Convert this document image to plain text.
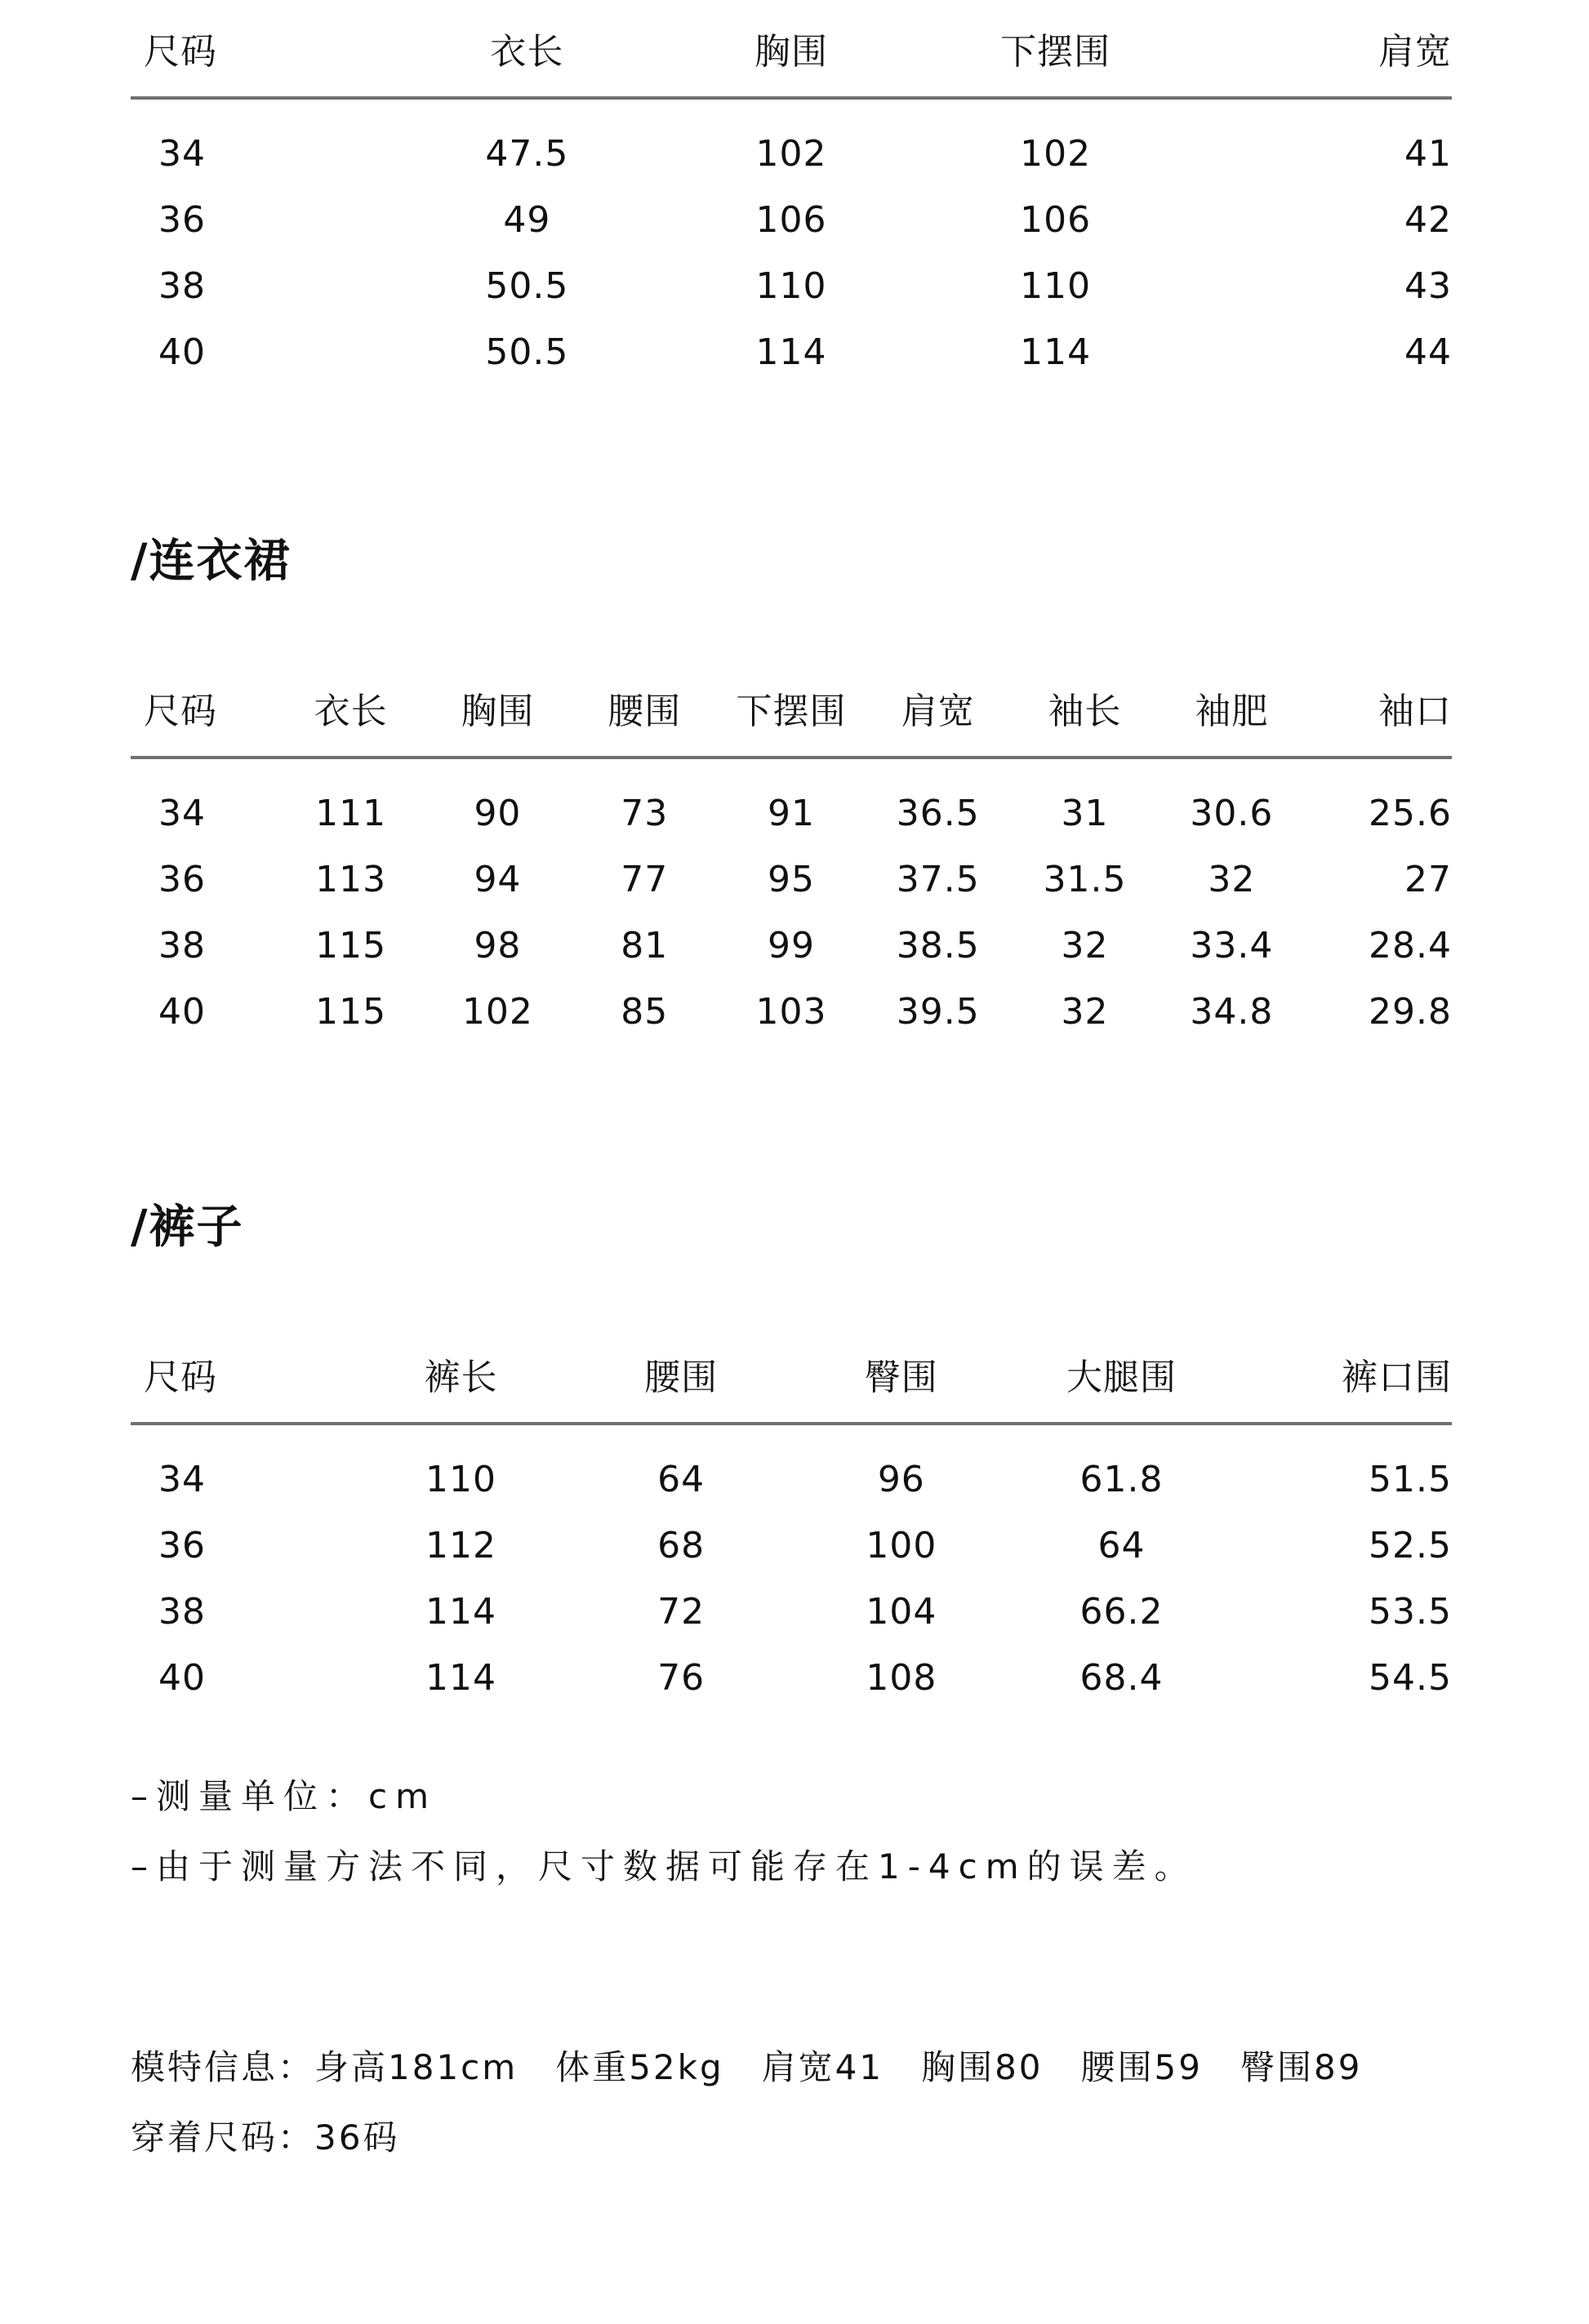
尺码	衣长	胸围	下摆围	肩宽
34	47.5	102	102	41
36	49	106	106	42
38	50.5	110	110	43
40	50.5	114	114	44
/连衣裙
尺码	衣长	胸围	腰围	下摆围	肩宽	袖长	袖肥	袖口
34	111	90	73	91	36.5	31	30.6	25.6
36	113	94	77	95	37.5	31.5	32	27
38	115	98	81	99	38.5	32	33.4	28.4
40	115	102	85	103	39.5	32	34.8	29.8
/裤子
尺码	裤长	腰围	臀围	大腿围	裤口围
34	110	64	96	61.8	51.5
36	112	68	100	64	52.5
38	114	72	104	66.2	53.5
40	114	76	108	68.4	54.5
–测量单位：cm
–由于测量方法不同，尺寸数据可能存在1-4cm的误差。
模特信息：身高181cm 体重52kg 肩宽41 胸围80 腰围59 臀围89
穿着尺码：36码
